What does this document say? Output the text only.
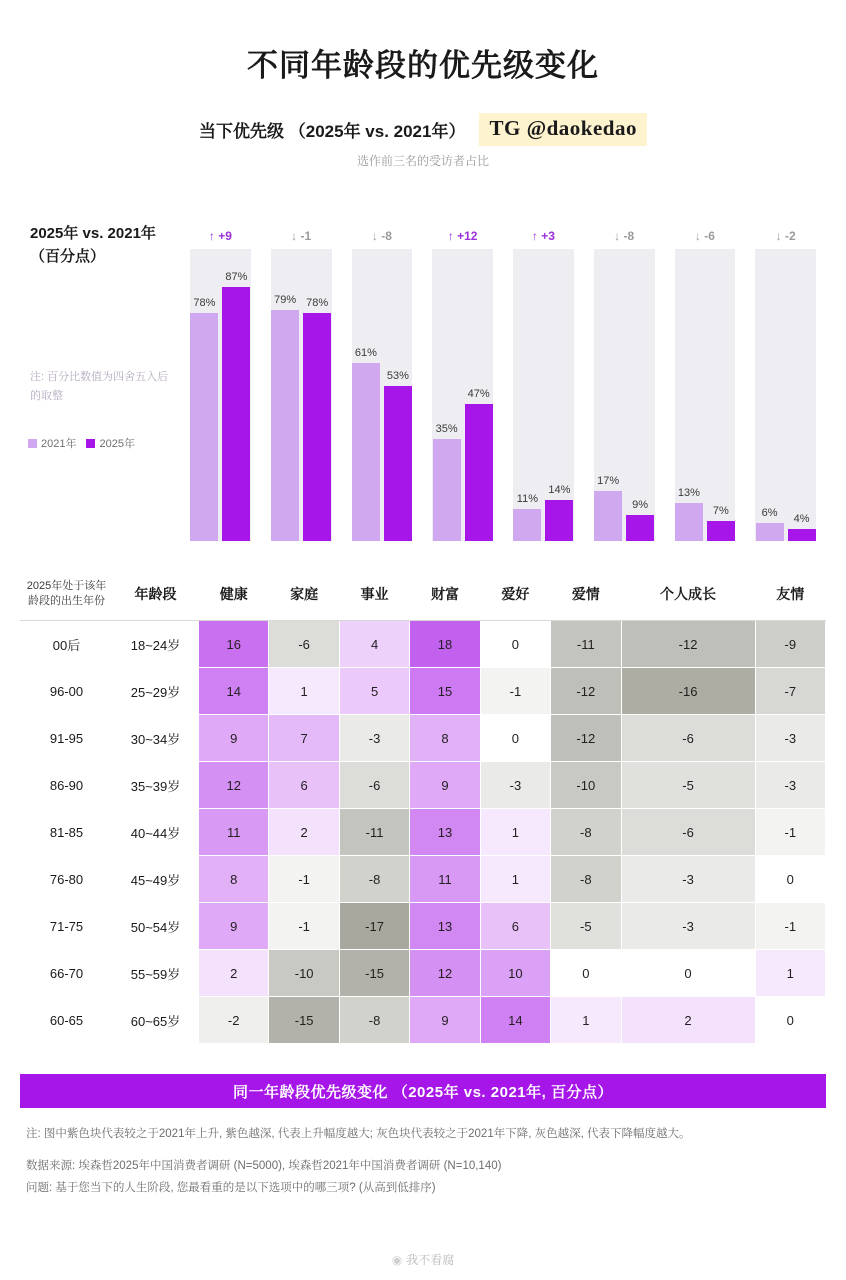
不同年龄段的优先级变化
当下优先级 （2025年 vs. 2021年）	TG @daokedao
选作前三名的受访者占比
2025年 vs. 2021年
（百分点）
注: 百分比数值为四舍五入后的取整
2021年 2025年
↑ +9	↓ -1	↓ -8	↑ +12	↑ +3	↓ -8	↓ -6	↓ -2
78%
87%
79% 78%
61%
53%
35%
47%
11%
14%
17%
9%
13%
7%	6% 4%
2025年处于该年龄段的出生年份	年龄段	健康	家庭	事业	财富	爱好	爱情	个人成长	友情
00后	18~24岁	16	-6	4	18	0	-11	-12	-9
96-00	25~29岁	14	1	5	15	-1	-12	-16	-7
91-95	30~34岁	9	7	-3	8	0	-12	-6	-3
86-90	35~39岁	12	6	-6	9	-3	-10	-5	-3
81-85	40~44岁	11	2	-11	13	1	-8	-6	-1
76-80	45~49岁	8	-1	-8	11	1	-8	-3	0
71-75	50~54岁	9	-1	-17	13	6	-5	-3	-1
66-70	55~59岁	2	-10	-15	12	10	0	0	1
60-65	60~65岁	-2	-15	-8	9	14	1	2	0
同一年龄段优先级变化 （2025年 vs. 2021年, 百分点）
注: 图中紫色块代表较之于2021年上升, 紫色越深, 代表上升幅度越大; 灰色块代表较之于2021年下降, 灰色越深, 代表下降幅度越大。
数据来源: 埃森哲2025年中国消费者调研 (N=5000), 埃森哲2021年中国消费者调研 (N=10,140)
问题: 基于您当下的人生阶段, 您最看重的是以下选项中的哪三项? (从高到低排序)
◉ 我不看腐
